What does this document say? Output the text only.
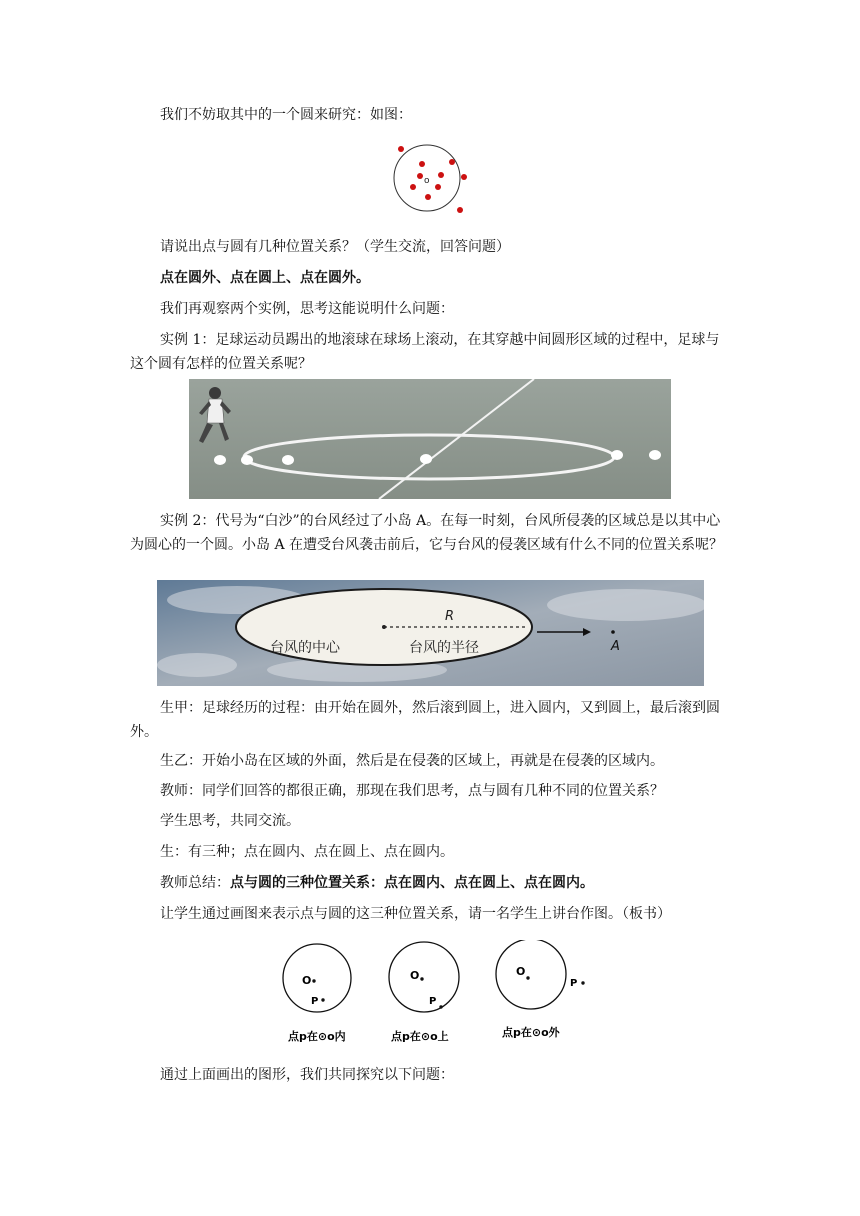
我们不妨取其中的一个圆来研究：如图：

o

请说出点与圆有几种位置关系？（学生交流，回答问题）

点在圆外、点在圆上、点在圆外。

我们再观察两个实例，思考这能说明什么问题：

实例 1：足球运动员踢出的地滚球在球场上滚动，在其穿越中间圆形区域的过程中，足球与这个圆有怎样的位置关系呢？

实例 2：代号为“白沙”的台风经过了小岛 A。在每一时刻，台风所侵袭的区域总是以其中心为圆心的一个圆。小岛 A 在遭受台风袭击前后，它与台风的侵袭区域有什么不同的位置关系呢？

R
台风的中心	台风的半径	A

生甲：足球经历的过程：由开始在圆外，然后滚到圆上，进入圆内，又到圆上，最后滚到圆外。

生乙：开始小岛在区域的外面，然后是在侵袭的区域上，再就是在侵袭的区域内。

教师：同学们回答的都很正确，那现在我们思考，点与圆有几种不同的位置关系？

学生思考，共同交流。

生：有三种；点在圆内、点在圆上、点在圆内。

教师总结：点与圆的三种位置关系：点在圆内、点在圆上、点在圆内。

让学生通过画图来表示点与圆的这三种位置关系，请一名学生上讲台作图。（板书）

O
P
点p在⊙o内
O
P
点p在⊙o上
O
P
点p在⊙o外

通过上面画出的图形，我们共同探究以下问题：
